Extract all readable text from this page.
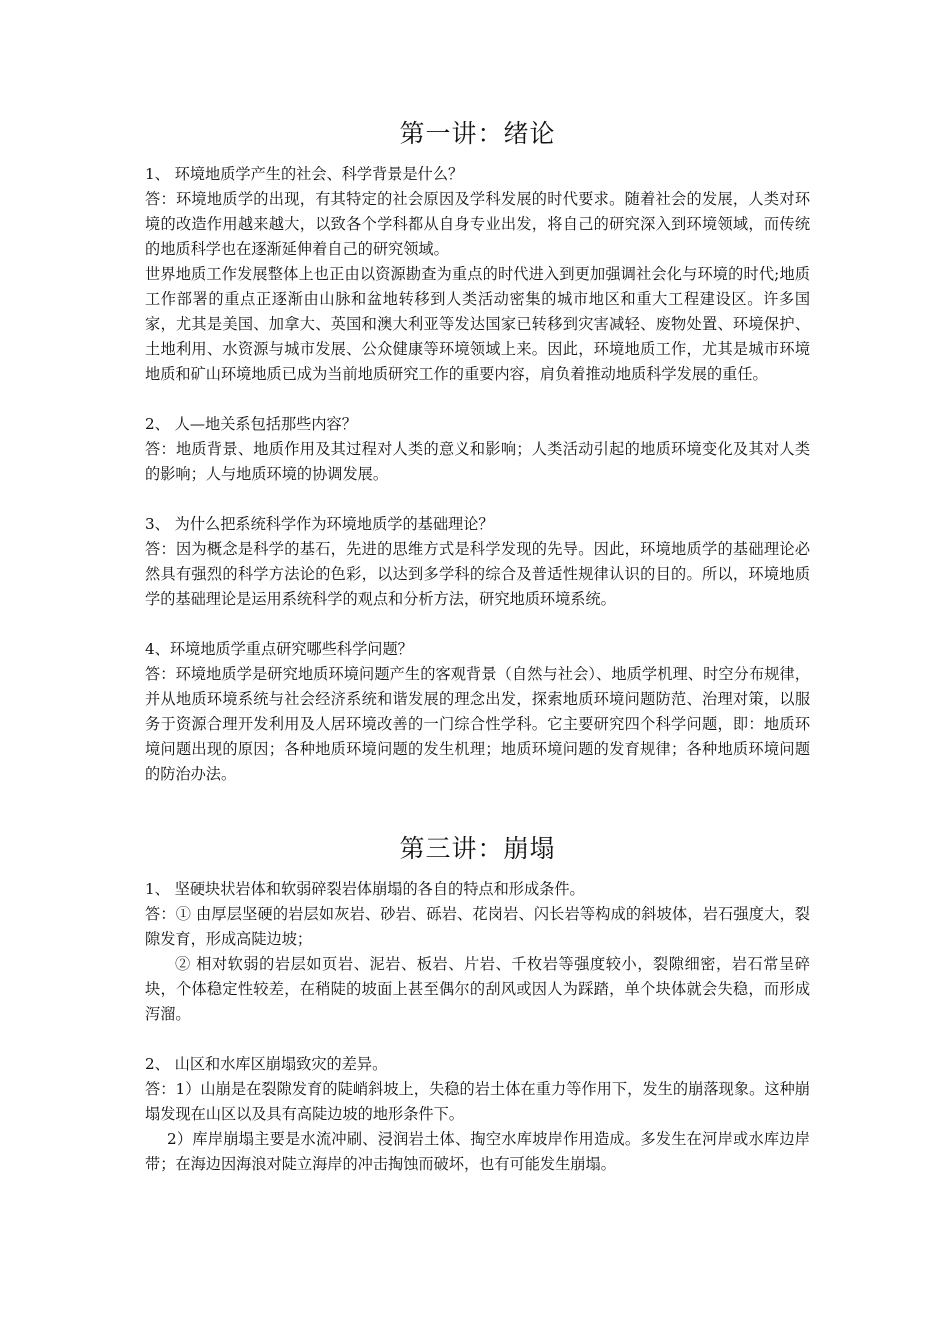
第一讲：绪论

1、 环境地质学产生的社会、科学背景是什么？

答：环境地质学的出现，有其特定的社会原因及学科发展的时代要求。随着社会的发展，人类对环境的改造作用越来越大，以致各个学科都从自身专业出发，将自己的研究深入到环境领域，而传统的地质科学也在逐渐延伸着自己的研究领域。

世界地质工作发展整体上也正由以资源勘查为重点的时代进入到更加强调社会化与环境的时代;地质工作部署的重点正逐渐由山脉和盆地转移到人类活动密集的城市地区和重大工程建设区。许多国家，尤其是美国、加拿大、英国和澳大利亚等发达国家已转移到灾害减轻、废物处置、环境保护、土地利用、水资源与城市发展、公众健康等环境领域上来。因此，环境地质工作，尤其是城市环境地质和矿山环境地质已成为当前地质研究工作的重要内容，肩负着推动地质科学发展的重任。

2、 人—地关系包括那些内容？

答：地质背景、地质作用及其过程对人类的意义和影响；人类活动引起的地质环境变化及其对人类的影响；人与地质环境的协调发展。

3、 为什么把系统科学作为环境地质学的基础理论？

答：因为概念是科学的基石，先进的思维方式是科学发现的先导。因此，环境地质学的基础理论必然具有强烈的科学方法论的色彩，以达到多学科的综合及普适性规律认识的目的。所以，环境地质学的基础理论是运用系统科学的观点和分析方法，研究地质环境系统。

4、环境地质学重点研究哪些科学问题？

答：环境地质学是研究地质环境问题产生的客观背景（自然与社会）、地质学机理、时空分布规律，并从地质环境系统与社会经济系统和谐发展的理念出发，探索地质环境问题防范、治理对策，以服务于资源合理开发利用及人居环境改善的一门综合性学科。它主要研究四个科学问题，即：地质环境问题出现的原因；各种地质环境问题的发生机理；地质环境问题的发育规律；各种地质环境问题的防治办法。

第三讲：崩塌

1、 坚硬块状岩体和软弱碎裂岩体崩塌的各自的特点和形成条件。

答：① 由厚层坚硬的岩层如灰岩、砂岩、砾岩、花岗岩、闪长岩等构成的斜坡体，岩石强度大，裂隙发育，形成高陡边坡；

② 相对软弱的岩层如页岩、泥岩、板岩、片岩、千枚岩等强度较小，裂隙细密，岩石常呈碎块，个体稳定性较差，在稍陡的坡面上甚至偶尔的刮风或因人为踩踏，单个块体就会失稳，而形成泻溜。

2、 山区和水库区崩塌致灾的差异。

答：1）山崩是在裂隙发育的陡峭斜坡上，失稳的岩土体在重力等作用下，发生的崩落现象。这种崩塌发现在山区以及具有高陡边坡的地形条件下。

2）库岸崩塌主要是水流冲刷、浸润岩土体、掏空水库坡岸作用造成。多发生在河岸或水库边岸带；在海边因海浪对陡立海岸的冲击掏蚀而破坏，也有可能发生崩塌。
